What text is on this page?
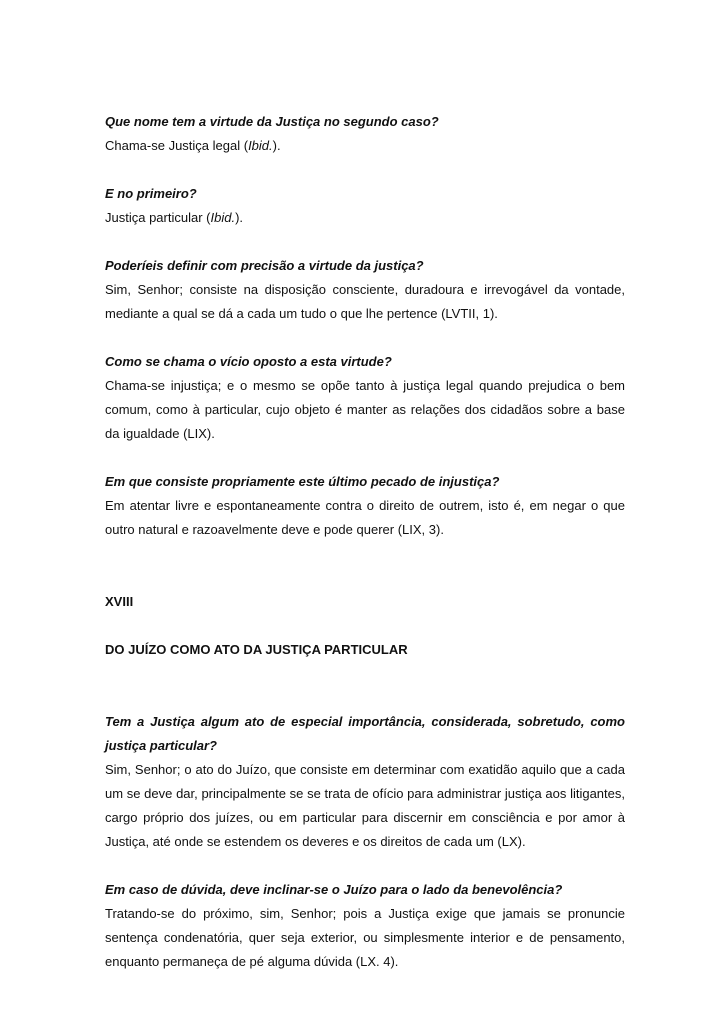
Que nome tem a virtude da Justiça no segundo caso?

Chama-se Justiça legal (Ibid.).

E no primeiro?

Justiça particular (Ibid.).

Poderíeis definir com precisão a virtude da justiça?

Sim, Senhor; consiste na disposição consciente, duradoura e irrevogável da vontade, mediante a qual se dá a cada um tudo o que lhe pertence (LVTII, 1).

Como se chama o vício oposto a esta virtude?

Chama-se injustiça; e o mesmo se opõe tanto à justiça legal quando prejudica o bem comum, como à particular, cujo objeto é manter as relações dos cidadãos sobre a base da igualdade (LIX).

Em que consiste propriamente este último pecado de injustiça?

Em atentar livre e espontaneamente contra o direito de outrem, isto é, em negar o que outro natural e razoavelmente deve e pode querer (LIX, 3).

XVIII

DO JUÍZO COMO ATO DA JUSTIÇA PARTICULAR

Tem a Justiça algum ato de especial importância, considerada, sobretudo, como justiça particular?

Sim, Senhor; o ato do Juízo, que consiste em determinar com exatidão aquilo que a cada um se deve dar, principalmente se se trata de ofício para administrar justiça aos litigantes, cargo próprio dos juízes, ou em particular para discernir em consciência e por amor à Justiça, até onde se estendem os deveres e os direitos de cada um (LX).

Em caso de dúvida, deve inclinar-se o Juízo para o lado da benevolência?

Tratando-se do próximo, sim, Senhor; pois a Justiça exige que jamais se pronuncie sentença condenatória, quer seja exterior, ou simplesmente interior e de pensamento, enquanto permaneça de pé alguma dúvida (LX. 4).
